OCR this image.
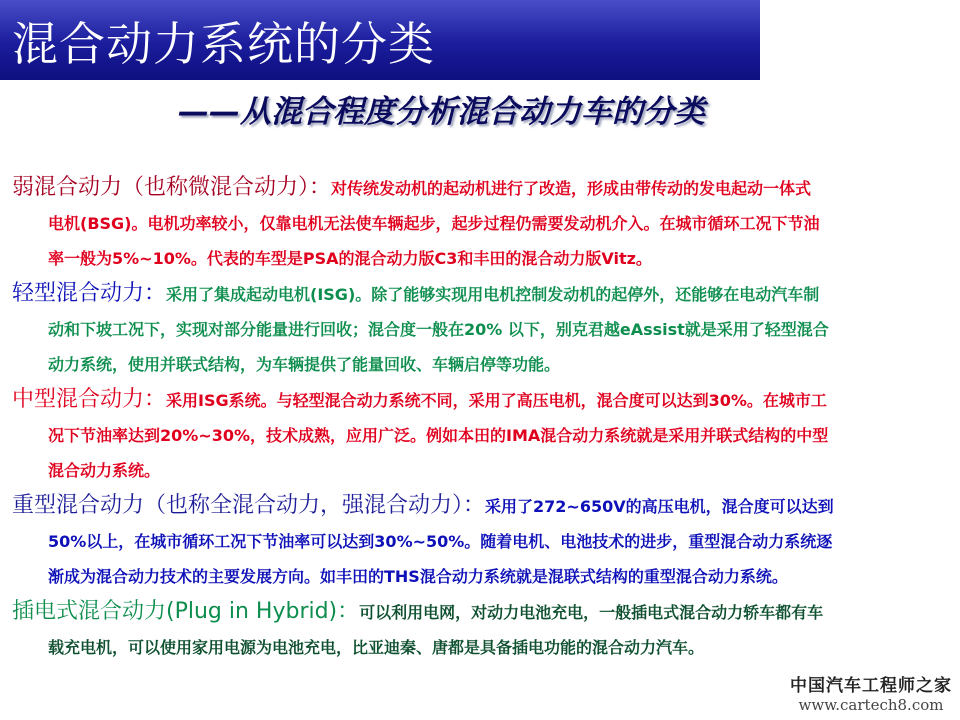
混合动力系统的分类
——从混合程度分析混合动力车的分类
弱混合动力（也称微混合动力）：对传统发动机的起动机进行了改造，形成由带传动的发电起动一体式
电机(BSG)。电机功率较小，仅靠电机无法使车辆起步，起步过程仍需要发动机介入。在城市循环工况下节油
率一般为5%~10%。代表的车型是PSA的混合动力版C3和丰田的混合动力版Vitz。
轻型混合动力：采用了集成起动电机(ISG)。除了能够实现用电机控制发动机的起停外，还能够在电动汽车制
动和下坡工况下，实现对部分能量进行回收；混合度一般在20% 以下，别克君越eAssist就是采用了轻型混合
动力系统，使用并联式结构，为车辆提供了能量回收、车辆启停等功能。
中型混合动力：采用ISG系统。与轻型混合动力系统不同，采用了高压电机，混合度可以达到30%。在城市工
况下节油率达到20%~30%，技术成熟，应用广泛。例如本田的IMA混合动力系统就是采用并联式结构的中型
混合动力系统。
重型混合动力（也称全混合动力，强混合动力）：采用了272~650V的高压电机，混合度可以达到
50%以上，在城市循环工况下节油率可以达到30%~50%。随着电机、电池技术的进步，重型混合动力系统逐
渐成为混合动力技术的主要发展方向。如丰田的THS混合动力系统就是混联式结构的重型混合动力系统。
插电式混合动力(Plug in Hybrid)：可以利用电网，对动力电池充电，一般插电式混合动力轿车都有车
载充电机，可以使用家用电源为电池充电，比亚迪秦、唐都是具备插电功能的混合动力汽车。
中国汽车工程师之家
www.cartech8.com
